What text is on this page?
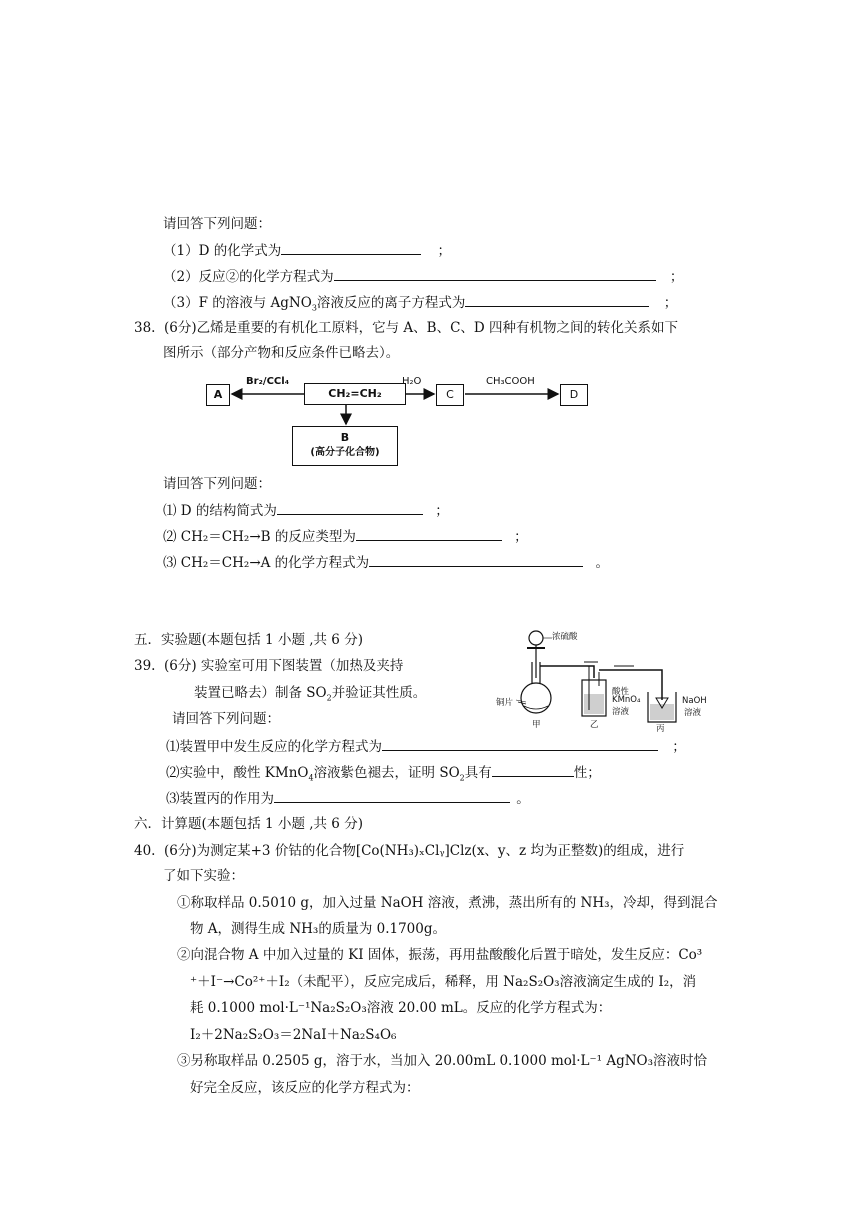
请回答下列问题：
（1）D 的化学式为	；
（2）反应②的化学方程式为	；
（3）F 的溶液与 AgNO$_3$溶液反应的离子方程式为	；
38. (6分)乙烯是重要的有机化工原料，它与 A、B、C、D 四种有机物之间的转化关系如下
图所示（部分产物和反应条件已略去）。
A	CH₂=CH₂	C	D
B
(高分子化合物)
Br₂/CCl₄	H₂O	CH₃COOH
请回答下列问题：
⑴ D 的结构简式为	；
⑵ CH₂＝CH₂→B 的反应类型为	；
⑶ CH₂＝CH₂→A 的化学方程式为	。
五．实验题(本题包括 1 小题 ,共 6 分)
39. (6分) 实验室可用下图装置（加热及夹持
装置已略去）制备 $SO_2$并验证其性质。
浓硫酸
铜片
酸性
KMnO₄
溶液
NaOH
溶液
甲	乙	丙
请回答下列问题：
⑴装置甲中发生反应的化学方程式为	；
⑵实验中，酸性 KMnO$_4$溶液紫色褪去，证明 $SO_2$具有	性；
⑶装置丙的作用为	。
六．计算题(本题包括 1 小题 ,共 6 分)
40. (6分)为测定某+3 价钴的化合物[Co(NH₃)ₓClᵧ]Clz(x、y、z 均为正整数)的组成，进行
了如下实验：
①称取样品 0.5010 g，加入过量 NaOH 溶液，煮沸，蒸出所有的 NH₃，冷却，得到混合
物 A，测得生成 NH₃的质量为 0.1700g。
②向混合物 A 中加入过量的 KI 固体，振荡，再用盐酸酸化后置于暗处，发生反应：Co³
⁺＋I⁻→Co²⁺＋I₂（未配平），反应完成后，稀释，用 Na₂S₂O₃溶液滴定生成的 I₂，消
耗 0.1000 mol·L⁻¹Na₂S₂O₃溶液 20.00 mL。反应的化学方程式为：
I₂＋2Na₂S₂O₃＝2NaI＋Na₂S₄O₆
③另称取样品 0.2505 g，溶于水，当加入 20.00mL 0.1000 mol·L⁻¹ AgNO₃溶液时恰
好完全反应，该反应的化学方程式为：
